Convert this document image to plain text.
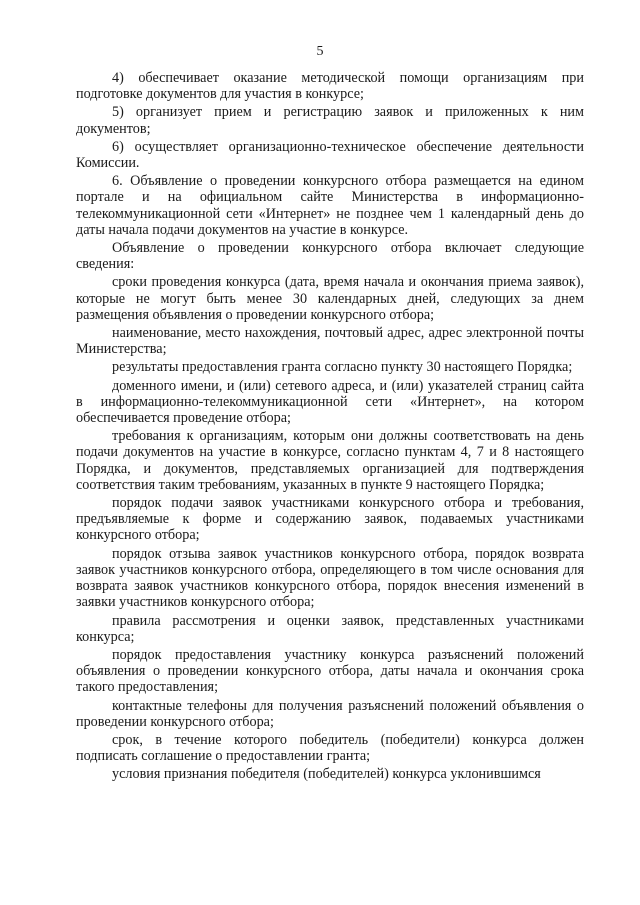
5

4) обеспечивает оказание методической помощи организациям при подготовке документов для участия в конкурсе;

5) организует прием и регистрацию заявок и приложенных к ним документов;

6) осуществляет организационно-техническое обеспечение деятельности Комиссии.

6. Объявление о проведении конкурсного отбора размещается на едином портале и на официальном сайте Министерства в информационно-телекоммуникационной сети «Интернет» не позднее чем 1 календарный день до даты начала подачи документов на участие в конкурсе.

Объявление о проведении конкурсного отбора включает следующие сведения:

сроки проведения конкурса (дата, время начала и окончания приема заявок), которые не могут быть менее 30 календарных дней, следующих за днем размещения объявления о проведении конкурсного отбора;

наименование, место нахождения, почтовый адрес, адрес электронной почты Министерства;

результаты предоставления гранта согласно пункту 30 настоящего Порядка;

доменного имени, и (или) сетевого адреса, и (или) указателей страниц сайта в информационно-телекоммуникационной сети «Интернет», на котором обеспечивается проведение отбора;

требования к организациям, которым они должны соответствовать на день подачи документов на участие в конкурсе, согласно пунктам 4, 7 и 8 настоящего Порядка, и документов, представляемых организацией для подтверждения соответствия таким требованиям, указанных в пункте 9 настоящего Порядка;

порядок подачи заявок участниками конкурсного отбора и требования, предъявляемые к форме и содержанию заявок, подаваемых участниками конкурсного отбора;

порядок отзыва заявок участников конкурсного отбора, порядок возврата заявок участников конкурсного отбора, определяющего в том числе основания для возврата заявок участников конкурсного отбора, порядок внесения изменений в заявки участников конкурсного отбора;

правила рассмотрения и оценки заявок, представленных участниками конкурса;

порядок предоставления участнику конкурса разъяснений положений объявления о проведении конкурсного отбора, даты начала и окончания срока такого предоставления;

контактные телефоны для получения разъяснений положений объявления о проведении конкурсного отбора;

срок, в течение которого победитель (победители) конкурса должен подписать соглашение о предоставлении гранта;

условия признания победителя (победителей) конкурса уклонившимся
